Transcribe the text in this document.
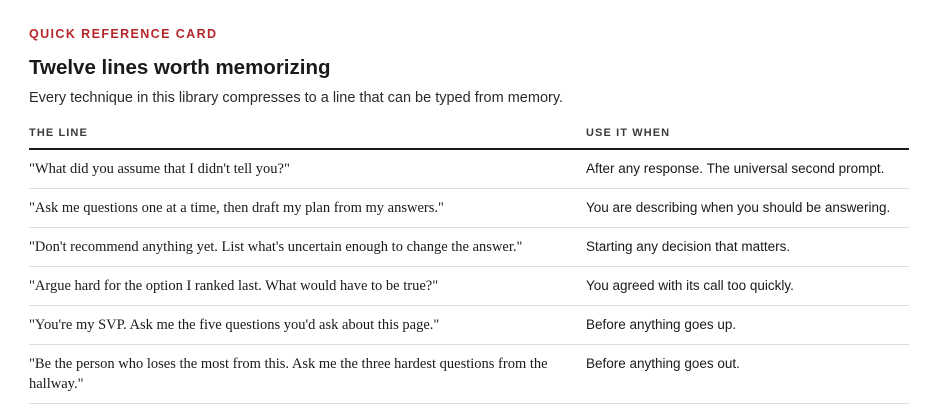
QUICK REFERENCE CARD
Twelve lines worth memorizing
Every technique in this library compresses to a line that can be typed from memory.
THE LINE	USE IT WHEN
"What did you assume that I didn't tell you?"	After any response. The universal second prompt.
"Ask me questions one at a time, then draft my plan from my answers."	You are describing when you should be answering.
"Don't recommend anything yet. List what's uncertain enough to change the answer."	Starting any decision that matters.
"Argue hard for the option I ranked last. What would have to be true?"	You agreed with its call too quickly.
"You're my SVP. Ask me the five questions you'd ask about this page."	Before anything goes up.
"Be the person who loses the most from this. Ask me the three hardest questions from the hallway."	Before anything goes out.
